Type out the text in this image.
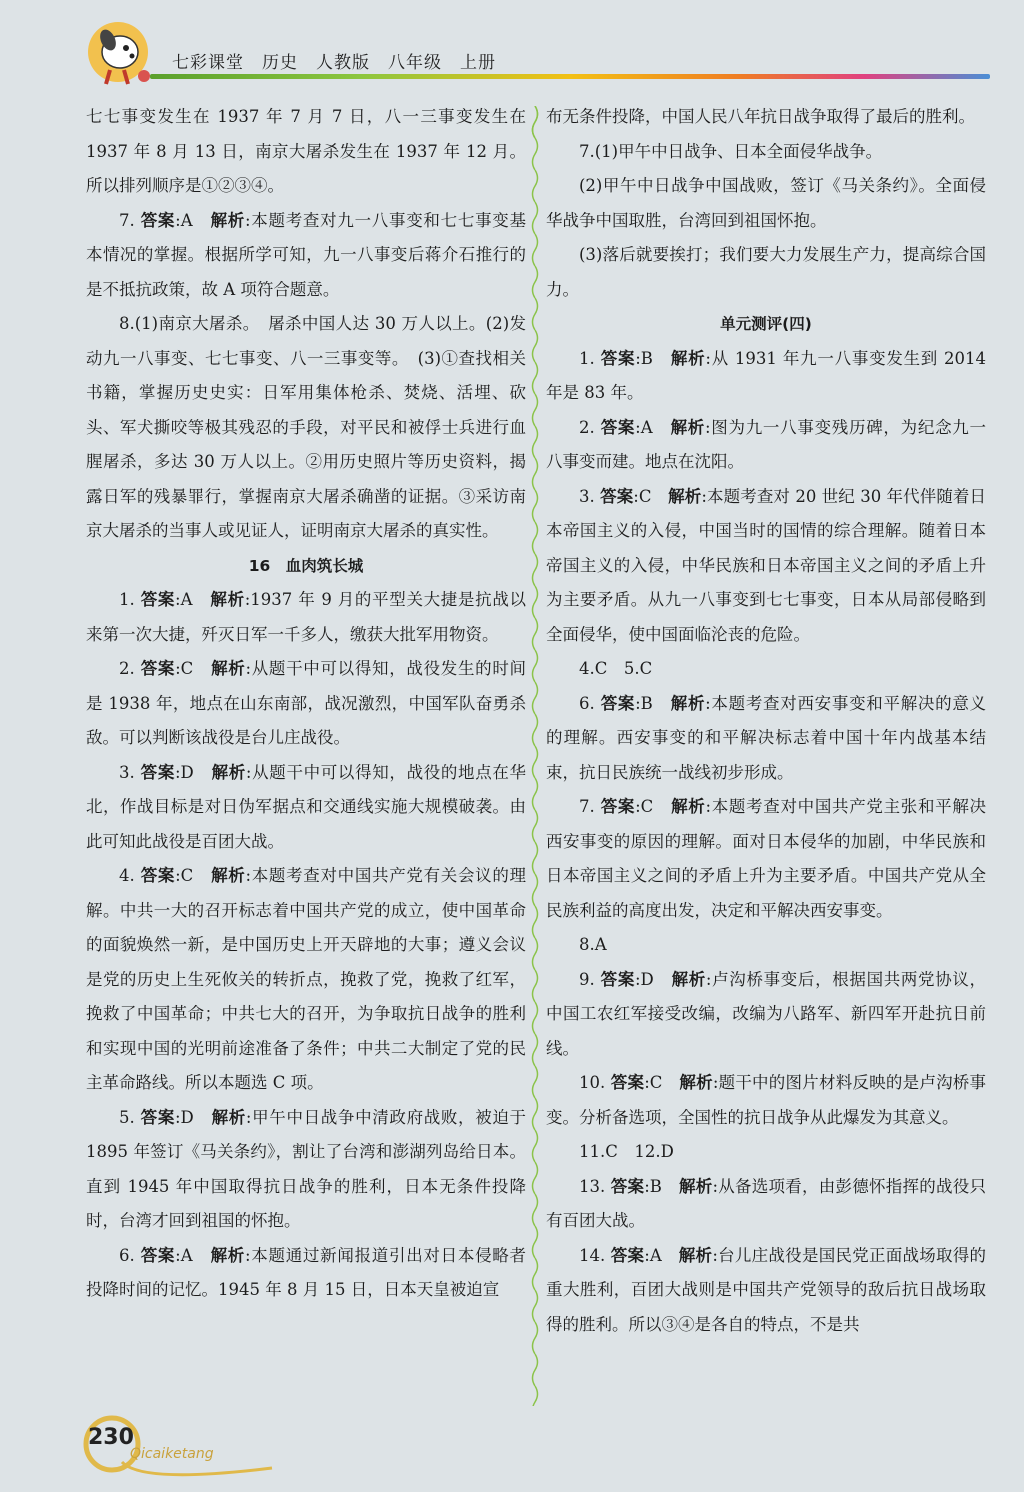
七彩课堂　历史　人教版　八年级　上册

七七事变发生在 1937 年 7 月 7 日，八一三事变发生在 1937 年 8 月 13 日，南京大屠杀发生在 1937 年 12 月。所以排列顺序是①②③④。

7. 答案:A　解析:本题考查对九一八事变和七七事变基本情况的掌握。根据所学可知，九一八事变后蒋介石推行的是不抵抗政策，故 A 项符合题意。

8.(1)南京大屠杀。　屠杀中国人达 30 万人以上。(2)发动九一八事变、七七事变、八一三事变等。　(3)①查找相关书籍，掌握历史史实：日军用集体枪杀、焚烧、活埋、砍头、军犬撕咬等极其残忍的手段，对平民和被俘士兵进行血腥屠杀，多达 30 万人以上。②用历史照片等历史资料，揭露日军的残暴罪行，掌握南京大屠杀确凿的证据。③采访南京大屠杀的当事人或见证人，证明南京大屠杀的真实性。

16　血肉筑长城

1. 答案:A　解析:1937 年 9 月的平型关大捷是抗战以来第一次大捷，歼灭日军一千多人，缴获大批军用物资。

2. 答案:C　解析:从题干中可以得知，战役发生的时间是 1938 年，地点在山东南部，战况激烈，中国军队奋勇杀敌。可以判断该战役是台儿庄战役。

3. 答案:D　解析:从题干中可以得知，战役的地点在华北，作战目标是对日伪军据点和交通线实施大规模破袭。由此可知此战役是百团大战。

4. 答案:C　解析:本题考查对中国共产党有关会议的理解。中共一大的召开标志着中国共产党的成立，使中国革命的面貌焕然一新，是中国历史上开天辟地的大事；遵义会议是党的历史上生死攸关的转折点，挽救了党，挽救了红军，挽救了中国革命；中共七大的召开，为争取抗日战争的胜利和实现中国的光明前途准备了条件；中共二大制定了党的民主革命路线。所以本题选 C 项。

5. 答案:D　解析:甲午中日战争中清政府战败，被迫于 1895 年签订《马关条约》，割让了台湾和澎湖列岛给日本。直到 1945 年中国取得抗日战争的胜利，日本无条件投降时，台湾才回到祖国的怀抱。

6. 答案:A　解析:本题通过新闻报道引出对日本侵略者投降时间的记忆。1945 年 8 月 15 日，日本天皇被迫宣

布无条件投降，中国人民八年抗日战争取得了最后的胜利。

7.(1)甲午中日战争、日本全面侵华战争。

(2)甲午中日战争中国战败，签订《马关条约》。全面侵华战争中国取胜，台湾回到祖国怀抱。

(3)落后就要挨打；我们要大力发展生产力，提高综合国力。

单元测评(四)

1. 答案:B　解析:从 1931 年九一八事变发生到 2014 年是 83 年。

2. 答案:A　解析:图为九一八事变残历碑，为纪念九一八事变而建。地点在沈阳。

3. 答案:C　解析:本题考查对 20 世纪 30 年代伴随着日本帝国主义的入侵，中国当时的国情的综合理解。随着日本帝国主义的入侵，中华民族和日本帝国主义之间的矛盾上升为主要矛盾。从九一八事变到七七事变，日本从局部侵略到全面侵华，使中国面临沦丧的危险。

4.C　5.C

6. 答案:B　解析:本题考查对西安事变和平解决的意义的理解。西安事变的和平解决标志着中国十年内战基本结束，抗日民族统一战线初步形成。

7. 答案:C　解析:本题考查对中国共产党主张和平解决西安事变的原因的理解。面对日本侵华的加剧，中华民族和日本帝国主义之间的矛盾上升为主要矛盾。中国共产党从全民族利益的高度出发，决定和平解决西安事变。

8.A

9. 答案:D　解析:卢沟桥事变后，根据国共两党协议，中国工农红军接受改编，改编为八路军、新四军开赴抗日前线。

10. 答案:C　解析:题干中的图片材料反映的是卢沟桥事变。分析备选项，全国性的抗日战争从此爆发为其意义。

11.C　12.D

13. 答案:B　解析:从备选项看，由彭德怀指挥的战役只有百团大战。

14. 答案:A　解析:台儿庄战役是国民党正面战场取得的重大胜利，百团大战则是中国共产党领导的敌后抗日战场取得的胜利。所以③④是各自的特点，不是共

230
Qicaiketang
